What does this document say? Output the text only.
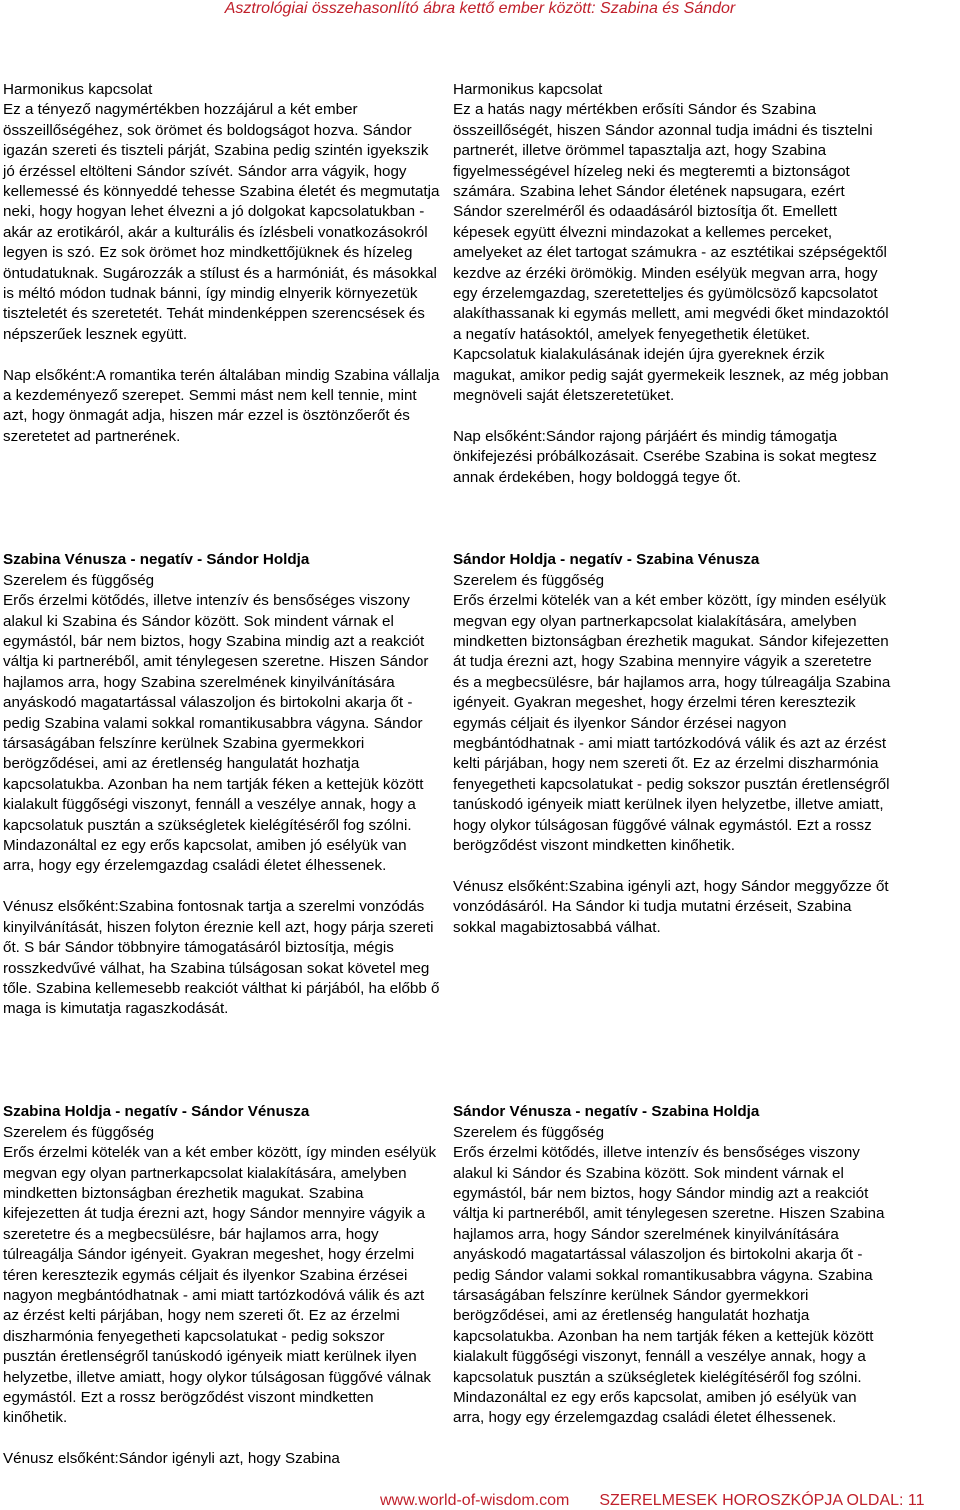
Asztrológiai összehasonlító ábra kettő ember között: Szabina és Sándor

Harmonikus kapcsolat

Ez a tényező nagymértékben hozzájárul a két ember összeillőségéhez, sok örömet és boldogságot hozva. Sándor igazán szereti és tiszteli párját, Szabina pedig szintén igyekszik jó érzéssel eltölteni Sándor szívét. Sándor arra vágyik, hogy kellemessé és könnyeddé tehesse Szabina életét és megmutatja neki, hogy hogyan lehet élvezni a jó dolgokat kapcsolatukban - akár az erotikáról, akár a kulturális és ízlésbeli vonatkozásokról legyen is szó. Ez sok örömet hoz mindkettőjüknek és hízeleg öntudatuknak. Sugározzák a stílust és a harmóniát, és másokkal is méltó módon tudnak bánni, így mindig elnyerik környezetük tiszteletét és szeretetét. Tehát mindenképpen szerencsések és népszerűek lesznek együtt.

Nap elsőként:A romantika terén általában mindig Szabina vállalja a kezdeményező szerepet. Semmi mást nem kell tennie, mint azt, hogy önmagát adja, hiszen már ezzel is ösztönzőerőt és szeretetet ad partnerének.

Szabina Vénusza - negatív - Sándor Holdja

Szerelem és függőség

Erős érzelmi kötődés, illetve intenzív és bensőséges viszony alakul ki Szabina és Sándor között. Sok mindent várnak el egymástól, bár nem biztos, hogy Szabina mindig azt a reakciót váltja ki partneréből, amit ténylegesen szeretne. Hiszen Sándor hajlamos arra, hogy Szabina szerelmének kinyilvánítására anyáskodó magatartással válaszoljon és birtokolni akarja őt - pedig Szabina valami sokkal romantikusabbra vágyna. Sándor társaságában felszínre kerülnek Szabina gyermekkori berögződései, ami az éretlenség hangulatát hozhatja kapcsolatukba. Azonban ha nem tartják féken a kettejük között kialakult függőségi viszonyt, fennáll a veszélye annak, hogy a kapcsolatuk pusztán a szükségletek kielégítéséről fog szólni. Mindazonáltal ez egy erős kapcsolat, amiben jó esélyük van arra, hogy egy érzelemgazdag családi életet élhessenek.

Vénusz elsőként:Szabina fontosnak tartja a szerelmi vonzódás kinyilvánítását, hiszen folyton éreznie kell azt, hogy párja szereti őt. S bár Sándor többnyire támogatásáról biztosítja, mégis rosszkedvűvé válhat, ha Szabina túlságosan sokat követel meg tőle. Szabina kellemesebb reakciót válthat ki párjából, ha előbb ő maga is kimutatja ragaszkodását.

Szabina Holdja - negatív - Sándor Vénusza

Szerelem és függőség

Erős érzelmi kötelék van a két ember között, így minden esélyük megvan egy olyan partnerkapcsolat kialakítására, amelyben mindketten biztonságban érezhetik magukat. Szabina kifejezetten át tudja érezni azt, hogy Sándor mennyire vágyik a szeretetre és a megbecsülésre, bár hajlamos arra, hogy túlreagálja Sándor igényeit. Gyakran megeshet, hogy érzelmi téren keresztezik egymás céljait és ilyenkor Szabina érzései nagyon megbántódhatnak - ami miatt tartózkodóvá válik és azt az érzést kelti párjában, hogy nem szereti őt. Ez az érzelmi diszharmónia fenyegetheti kapcsolatukat - pedig sokszor pusztán éretlenségről tanúskodó igényeik miatt kerülnek ilyen helyzetbe, illetve amiatt, hogy olykor túlságosan függővé válnak egymástól. Ezt a rossz berögződést viszont mindketten kinőhetik.

Vénusz elsőként:Sándor igényli azt, hogy Szabina

Harmonikus kapcsolat

Ez a hatás nagy mértékben erősíti Sándor és Szabina összeillőségét, hiszen Sándor azonnal tudja imádni és tisztelni partnerét, illetve örömmel tapasztalja azt, hogy Szabina figyelmességével hízeleg neki és megteremti a biztonságot számára. Szabina lehet Sándor életének napsugara, ezért Sándor szerelméről és odaadásáról biztosítja őt. Emellett képesek együtt élvezni mindazokat a kellemes perceket, amelyeket az élet tartogat számukra - az esztétikai szépségektől kezdve az érzéki örömökig. Minden esélyük megvan arra, hogy egy érzelemgazdag, szeretetteljes és gyümölcsöző kapcsolatot alakíthassanak ki egymás mellett, ami megvédi őket mindazoktól a negatív hatásoktól, amelyek fenyegethetik életüket. Kapcsolatuk kialakulásának idején újra gyereknek érzik magukat, amikor pedig saját gyermekeik lesznek, az még jobban megnöveli saját életszeretetüket.

Nap elsőként:Sándor rajong párjáért és mindig támogatja önkifejezési próbálkozásait. Cserébe Szabina is sokat megtesz annak érdekében, hogy boldoggá tegye őt.

Sándor Holdja - negatív - Szabina Vénusza

Szerelem és függőség

Erős érzelmi kötelék van a két ember között, így minden esélyük megvan egy olyan partnerkapcsolat kialakítására, amelyben mindketten biztonságban érezhetik magukat. Sándor kifejezetten át tudja érezni azt, hogy Szabina mennyire vágyik a szeretetre és a megbecsülésre, bár hajlamos arra, hogy túlreagálja Szabina igényeit. Gyakran megeshet, hogy érzelmi téren keresztezik egymás céljait és ilyenkor Sándor érzései nagyon megbántódhatnak - ami miatt tartózkodóvá válik és azt az érzést kelti párjában, hogy nem szereti őt. Ez az érzelmi diszharmónia fenyegetheti kapcsolatukat - pedig sokszor pusztán éretlenségről tanúskodó igényeik miatt kerülnek ilyen helyzetbe, illetve amiatt, hogy olykor túlságosan függővé válnak egymástól. Ezt a rossz berögződést viszont mindketten kinőhetik.

Vénusz elsőként:Szabina igényli azt, hogy Sándor meggyőzze őt vonzódásáról. Ha Sándor ki tudja mutatni érzéseit, Szabina sokkal magabiztosabbá válhat.

Sándor Vénusza - negatív - Szabina Holdja

Szerelem és függőség

Erős érzelmi kötődés, illetve intenzív és bensőséges viszony alakul ki Sándor és Szabina között. Sok mindent várnak el egymástól, bár nem biztos, hogy Sándor mindig azt a reakciót váltja ki partneréből, amit ténylegesen szeretne. Hiszen Szabina hajlamos arra, hogy Sándor szerelmének kinyilvánítására anyáskodó magatartással válaszoljon és birtokolni akarja őt - pedig Sándor valami sokkal romantikusabbra vágyna. Szabina társaságában felszínre kerülnek Sándor gyermekkori berögződései, ami az éretlenség hangulatát hozhatja kapcsolatukba. Azonban ha nem tartják féken a kettejük között kialakult függőségi viszonyt, fennáll a veszélye annak, hogy a kapcsolatuk pusztán a szükségletek kielégítéséről fog szólni. Mindazonáltal ez egy erős kapcsolat, amiben jó esélyük van arra, hogy egy érzelemgazdag családi életet élhessenek.

www.world-of-wisdom.com SZERELMESEK HOROSZKÓPJA OLDAL: 11
